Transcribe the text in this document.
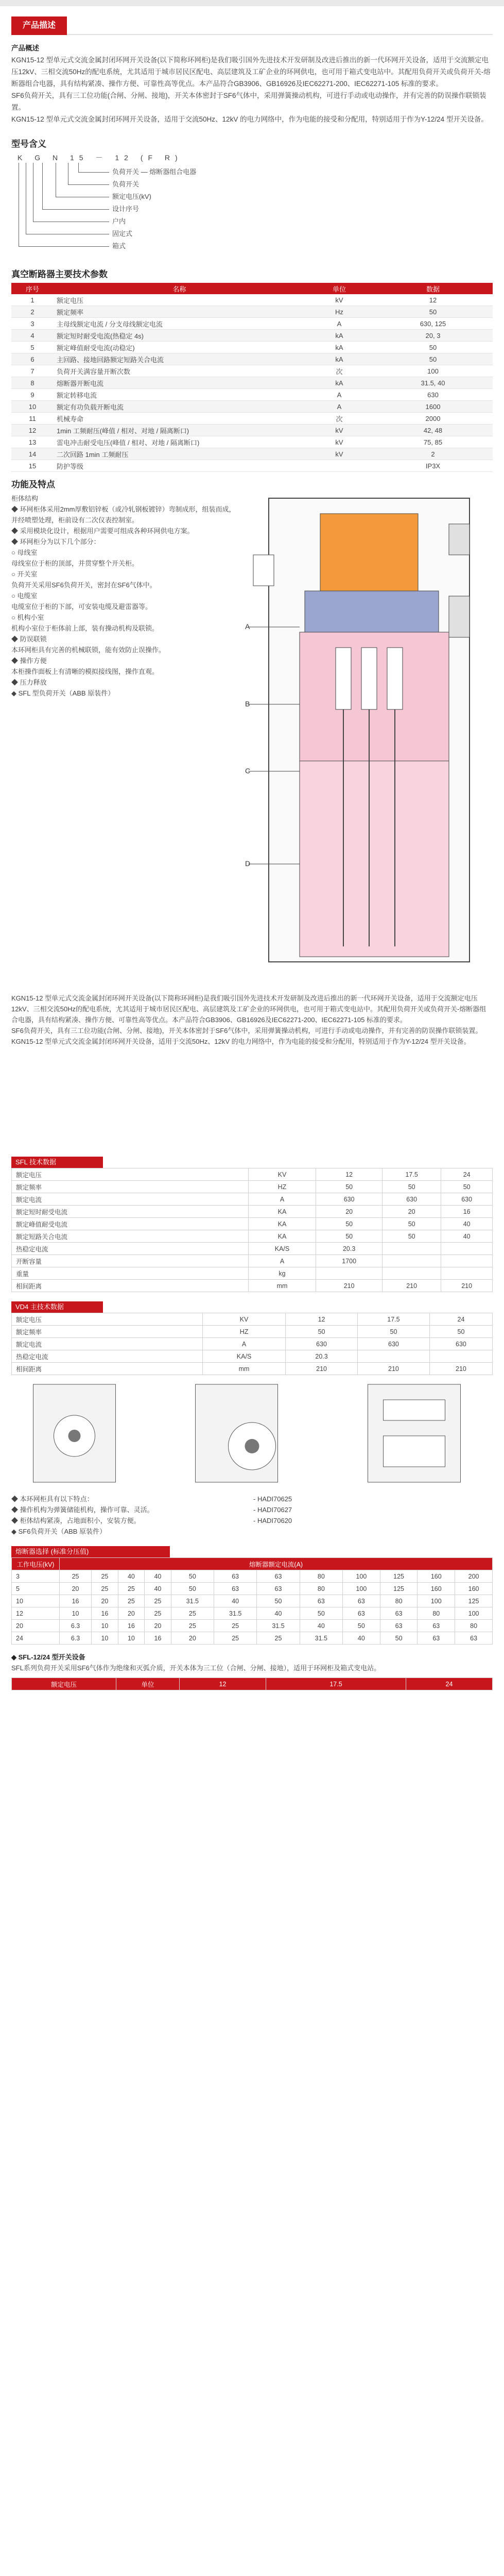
产品描述

产品概述

KGN15-12 型单元式交流金属封闭环网开关设备(以下简称环网柜)是我们吸引国外先进技术开发研制及改进后推出的新一代环网开关设备，适用于交流额定电压12kV、三相交流50Hz的配电系统，尤其适用于城市居民区配电、高层建筑及工矿企业的环网供电，也可用于箱式变电站中。其配用负荷开关或负荷开关-熔断器组合电器，具有结构紧凑、操作方便、可靠性高等优点。本产品符合GB3906、GB16926及IEC62271-200、IEC62271-105 标准的要求。

SF6负荷开关，具有三工位功能(合闸、分闸、接地)，开关本体密封于SF6气体中，采用弹簧操动机构，可进行手动或电动操作，并有完善的防误操作联锁装置。

KGN15-12 型单元式交流金属封闭环网开关设备，适用于交流50Hz、12kV 的电力网络中，作为电能的接受和分配用，特别适用于作为Y-12/24 型开关设备。

型号含义
K G N 15 － 12 (F R)
负荷开关 — 熔断器组合电器
负荷开关
额定电压(kV)
设计序号
户内
固定式
箱式
真空断路器主要技术参数
序号	名称	单位	数据
1	额定电压	kV	12
2	额定频率	Hz	50
3	主母线额定电流 / 分支母线额定电流	A	630, 125
4	额定短时耐受电流(热稳定 4s)	kA	20, 3
5	额定峰值耐受电流(动稳定)	kA	50
6	主回路、接地回路额定短路关合电流	kA	50
7	负荷开关满容量开断次数	次	100
8	熔断器开断电流	kA	31.5, 40
9	额定转移电流	A	630
10	额定有功负载开断电流	A	1600
11	机械寿命	次	2000
12	1min 工频耐压(峰值 / 相对、对地 / 隔离断口)	kV	42, 48
13	雷电冲击耐受电压(峰值 / 相对、对地 / 隔离断口)	kV	75, 85
14	二次回路 1min 工频耐压	kV	2
15	防护等级		IP3X
功能及特点

柜体结构

◆ 环网柜体采用2mm厚敷铝锌板（或冷轧钢板镀锌）弯制成形，组装而成，并经喷塑处理，柜前设有二次仪表控制室。

◆ 采用模块化设计，根据用户需要可组成各种环网供电方案。

◆ 环网柜分为以下几个部分：

○ 母线室

母线室位于柜的顶部，并贯穿整个开关柜。

○ 开关室

负荷开关采用SF6负荷开关，密封在SF6气体中。

○ 电缆室

电缆室位于柜的下部，可安装电缆及避雷器等。

○ 机构小室

机构小室位于柜体前上部，装有操动机构及联锁。

◆ 防误联锁

本环网柜具有完善的机械联锁，能有效防止误操作。

◆ 操作方便

本柜操作面板上有清晰的模拟接线图，操作直观。

◆ 压力释放

◆ SFL 型负荷开关（ABB 原装件）

A
B
C
D

KGN15-12 型单元式交流金属封闭环网开关设备(以下简称环网柜)是我们吸引国外先进技术开发研制及改进后推出的新一代环网开关设备，适用于交流额定电压12kV、三相交流50Hz的配电系统，尤其适用于城市居民区配电、高层建筑及工矿企业的环网供电，也可用于箱式变电站中。其配用负荷开关或负荷开关-熔断器组合电器，具有结构紧凑、操作方便、可靠性高等优点。本产品符合GB3906、GB16926及IEC62271-200、IEC62271-105 标准的要求。

SF6负荷开关，具有三工位功能(合闸、分闸、接地)，开关本体密封于SF6气体中，采用弹簧操动机构，可进行手动或电动操作，并有完善的防误操作联锁装置。

KGN15-12 型单元式交流金属封闭环网开关设备，适用于交流50Hz、12kV 的电力网络中，作为电能的接受和分配用，特别适用于作为Y-12/24 型开关设备。

SFL 技术数据
额定电压	KV	12	17.5	24
额定频率	HZ	50	50	50
额定电流	A	630	630	630
额定短时耐受电流	KA	20	20	16
额定峰值耐受电流	KA	50	50	40
额定短路关合电流	KA	50	50	40
热稳定电流	KA/S	20.3		
开断容量	A	1700		
重量	kg			
相间距离	mm	210	210	210
VD4 主技术数据
额定电压	KV	12	17.5	24
额定频率	HZ	50	50	50
额定电流	A	630	630	630
热稳定电流	KA/S	20.3		
相间距离	mm	210	210	210

◆ 本环网柜具有以下特点：

◆ 操作机构为弹簧储能机构，操作可靠、灵活。

◆ 柜体结构紧凑，占地面积小，安装方便。

◆ SF6负荷开关（ABB 原装件）

- HADI70625

- HADI70627

- HADI70620

熔断器选择 (标准分压值)
工作电压(kV)	熔断器额定电流(A)											
3	25	25	40	40	50	63	63	80	100	125	160	200
5	20	25	25	40	50	63	63	80	100	125	160	160
10	16	20	25	25	31.5	40	50	63	63	80	100	125
12	10	16	20	25	25	31.5	40	50	63	63	80	100
20	6.3	10	16	20	25	25	31.5	40	50	63	63	80
24	6.3	10	10	16	20	25	25	31.5	40	50	63	63

◆ SFL-12/24 型开关设备

SFL系列负荷开关采用SF6气体作为绝缘和灭弧介质，开关本体为三工位（合闸、分闸、接地），适用于环网柜及箱式变电站。

额定电压	单位	12	17.5	24
